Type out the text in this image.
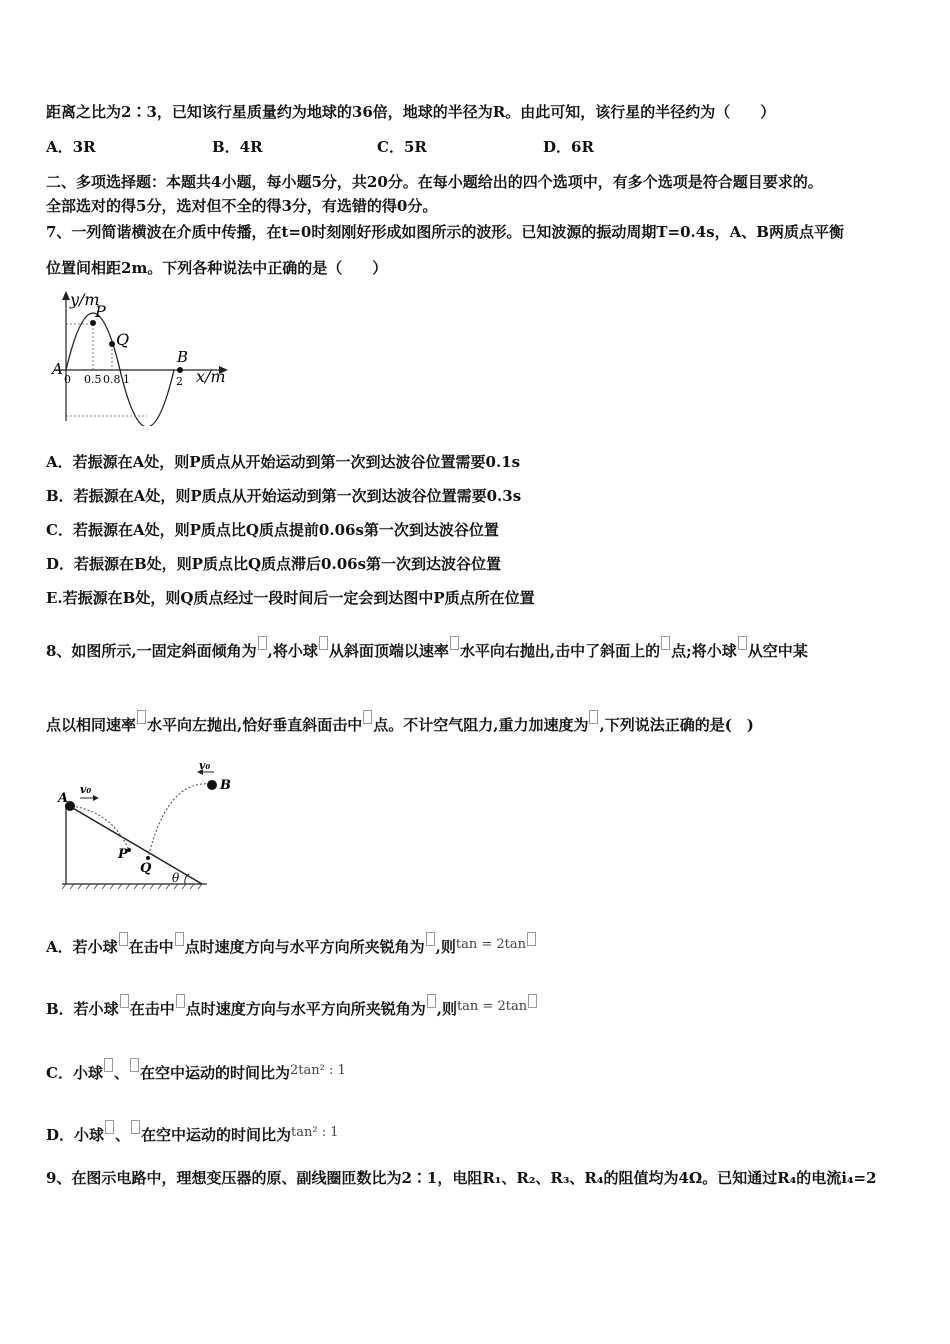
距离之比为2∶3，已知该行星质量约为地球的36倍，地球的半径为R。由此可知，该行星的半径约为（　　）
A．3R	B．4R	C．5R	D．6R
二、多项选择题：本题共4小题，每小题5分，共20分。在每小题给出的四个选项中，有多个选项是符合题目要求的。
全部选对的得5分，选对但不全的得3分，有选错的得0分。
7、一列简谐横波在介质中传播，在t=0时刻刚好形成如图所示的波形。已知波源的振动周期T=0.4s，A、B两质点平衡
位置间相距2m。下列各种说法中正确的是（　　）
y/m
x/m
P
Q
A
B
0 0.5 0.8 1	2
A．若振源在A处，则P质点从开始运动到第一次到达波谷位置需要0.1s
B．若振源在A处，则P质点从开始运动到第一次到达波谷位置需要0.3s
C．若振源在A处，则P质点比Q质点提前0.06s第一次到达波谷位置
D．若振源在B处，则P质点比Q质点滞后0.06s第一次到达波谷位置
E.若振源在B处，则Q质点经过一段时间后一定会到达图中P质点所在位置
8、如图所示,一固定斜面倾角为 ,将小球 从斜面顶端以速率 水平向右抛出,击中了斜面上的 点;将小球 从空中某
点以相同速率 水平向左抛出,恰好垂直斜面击中 点。不计空气阻力,重力加速度为 ,下列说法正确的是(　)
A
B
P
Q
θ
v₀
v₀
A．若小球 在击中 点时速度方向与水平方向所夹锐角为 ,则tan = 2tan
B．若小球 在击中 点时速度方向与水平方向所夹锐角为 ,则tan = 2tan
C．小球 、 在空中运动的时间比为2tan² : 1
D．小球 、 在空中运动的时间比为tan² : 1
9、在图示电路中，理想变压器的原、副线圈匝数比为2∶1，电阻R₁、R₂、R₃、R₄的阻值均为4Ω。已知通过R₄的电流i₄=2
